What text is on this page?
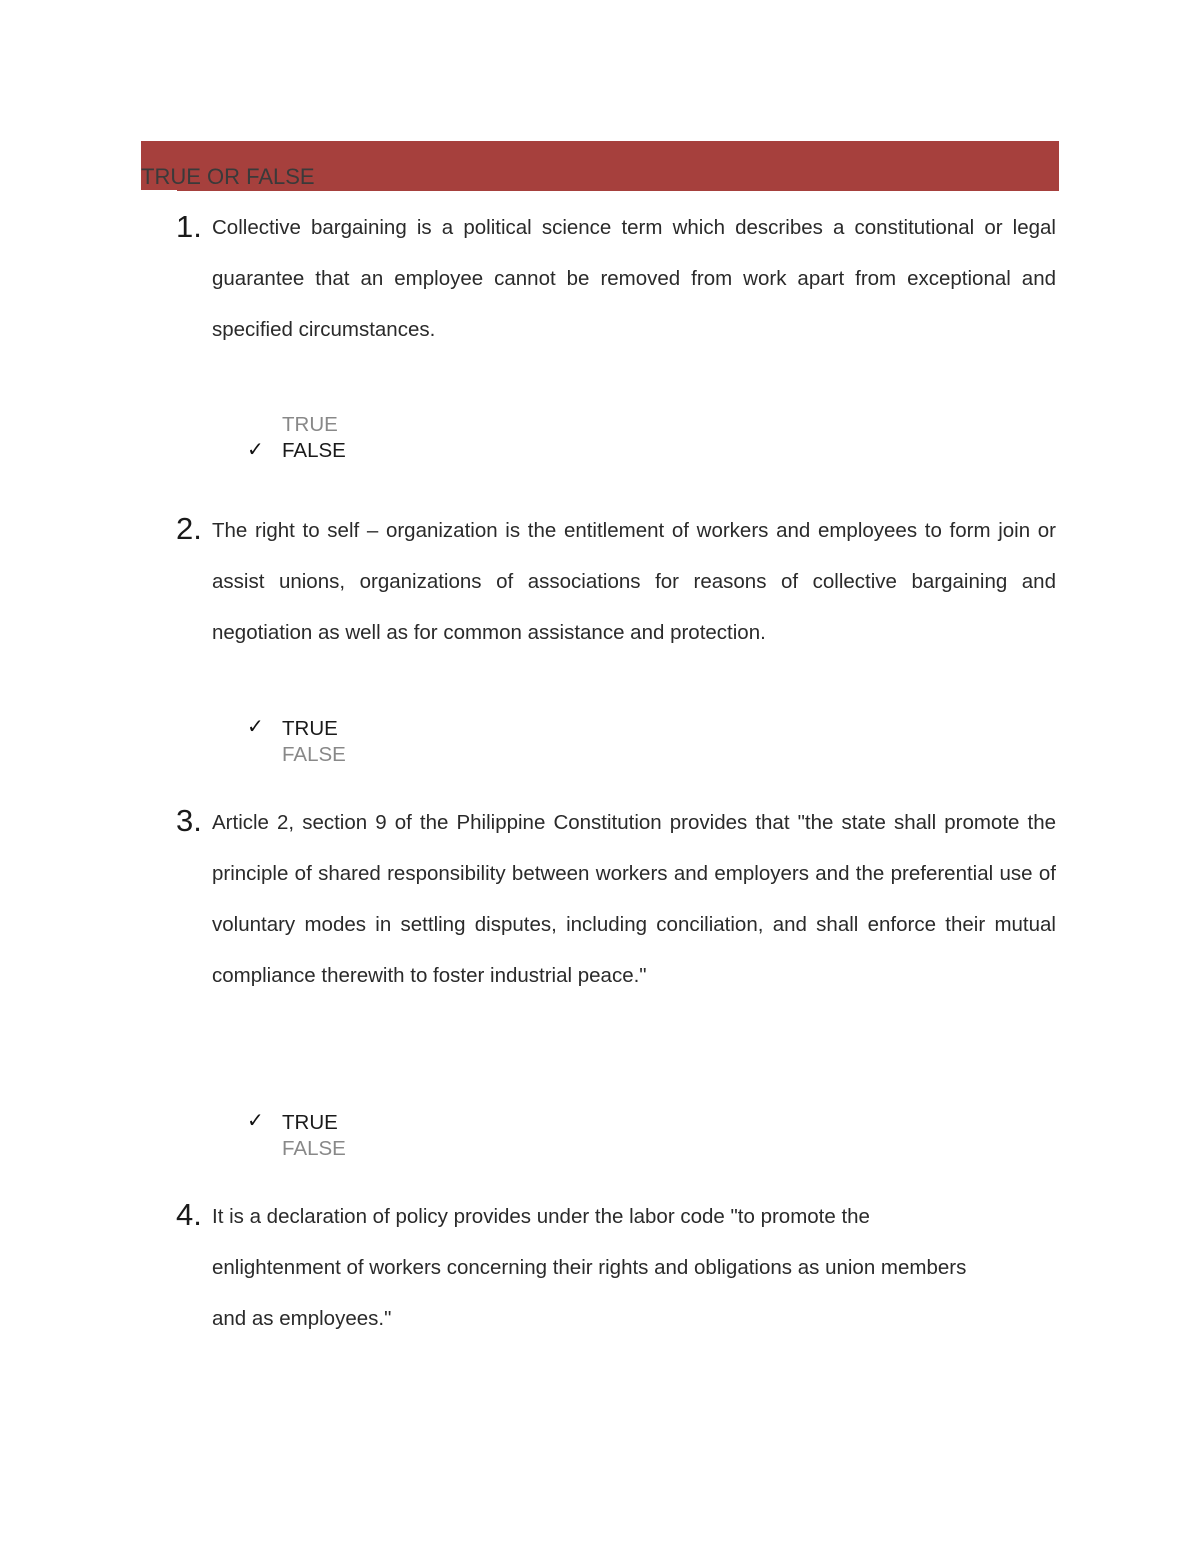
TRUE OR FALSE
1. Collective bargaining is a political science term which describes a constitutional or legal guarantee that an employee cannot be removed from work apart from exceptional and specified circumstances.

TRUE
✓ FALSE
2. The right to self – organization is the entitlement of workers and employees to form join or assist unions, organizations of associations for reasons of collective bargaining and negotiation as well as for common assistance and protection.

✓ TRUE
FALSE
3. Article 2, section 9 of the Philippine Constitution provides that "the state shall promote the principle of shared responsibility between workers and employers and the preferential use of voluntary modes in settling disputes, including conciliation, and shall enforce their mutual compliance therewith to foster industrial peace."

✓ TRUE
FALSE
4. It is a declaration of policy provides under the labor code "to promote the enlightenment of workers concerning their rights and obligations as union members and as employees."
